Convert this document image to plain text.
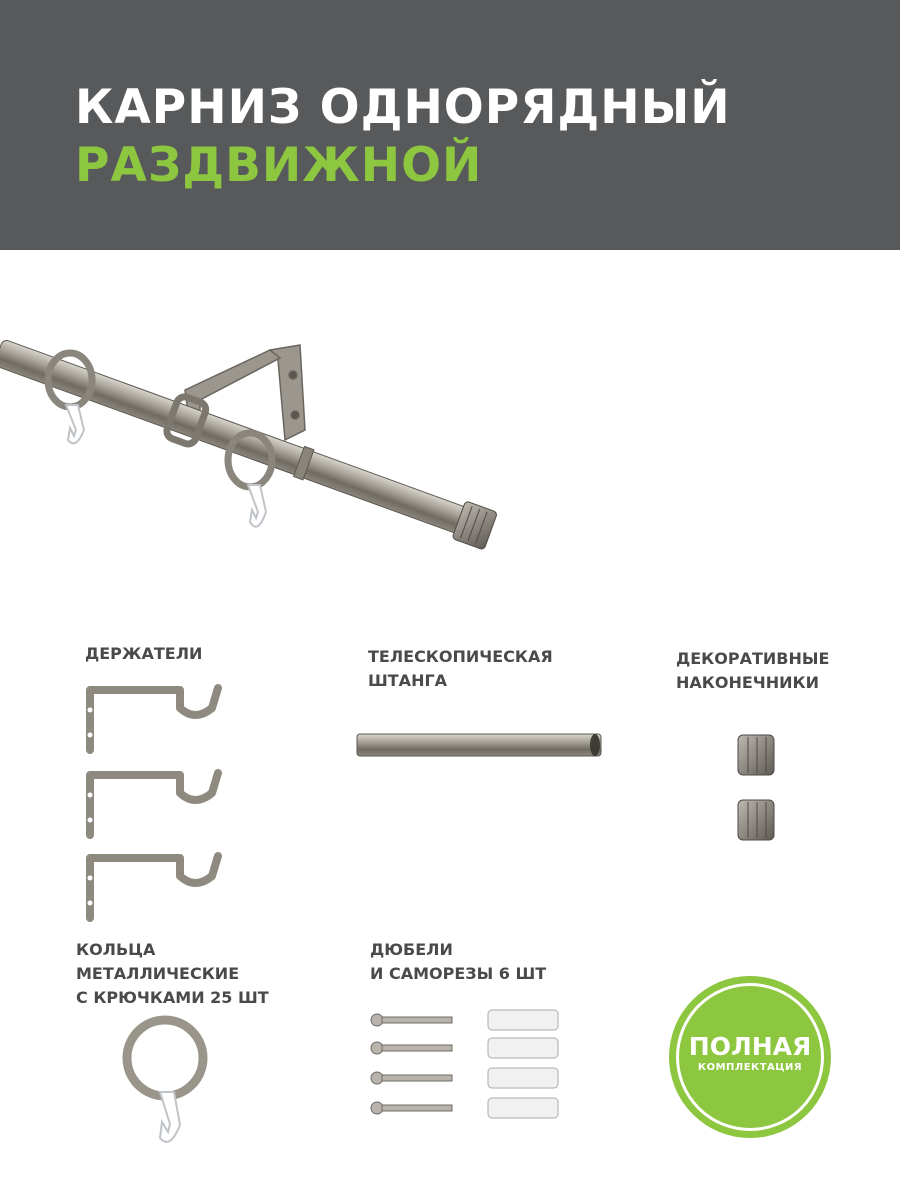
КАРНИЗ ОДНОРЯДНЫЙ
РАЗДВИЖНОЙ
ДЕРЖАТЕЛИ	ТЕЛЕСКОПИЧЕСКАЯ
ШТАНГА
ДЕКОРАТИВНЫЕ
НАКОНЕЧНИКИ
КОЛЬЦА
МЕТАЛЛИЧЕСКИЕ
С КРЮЧКАМИ 25 ШТ
ДЮБЕЛИ
И САМОРЕЗЫ 6 ШТ
ПОЛНАЯ
КОМПЛЕКТАЦИЯ
